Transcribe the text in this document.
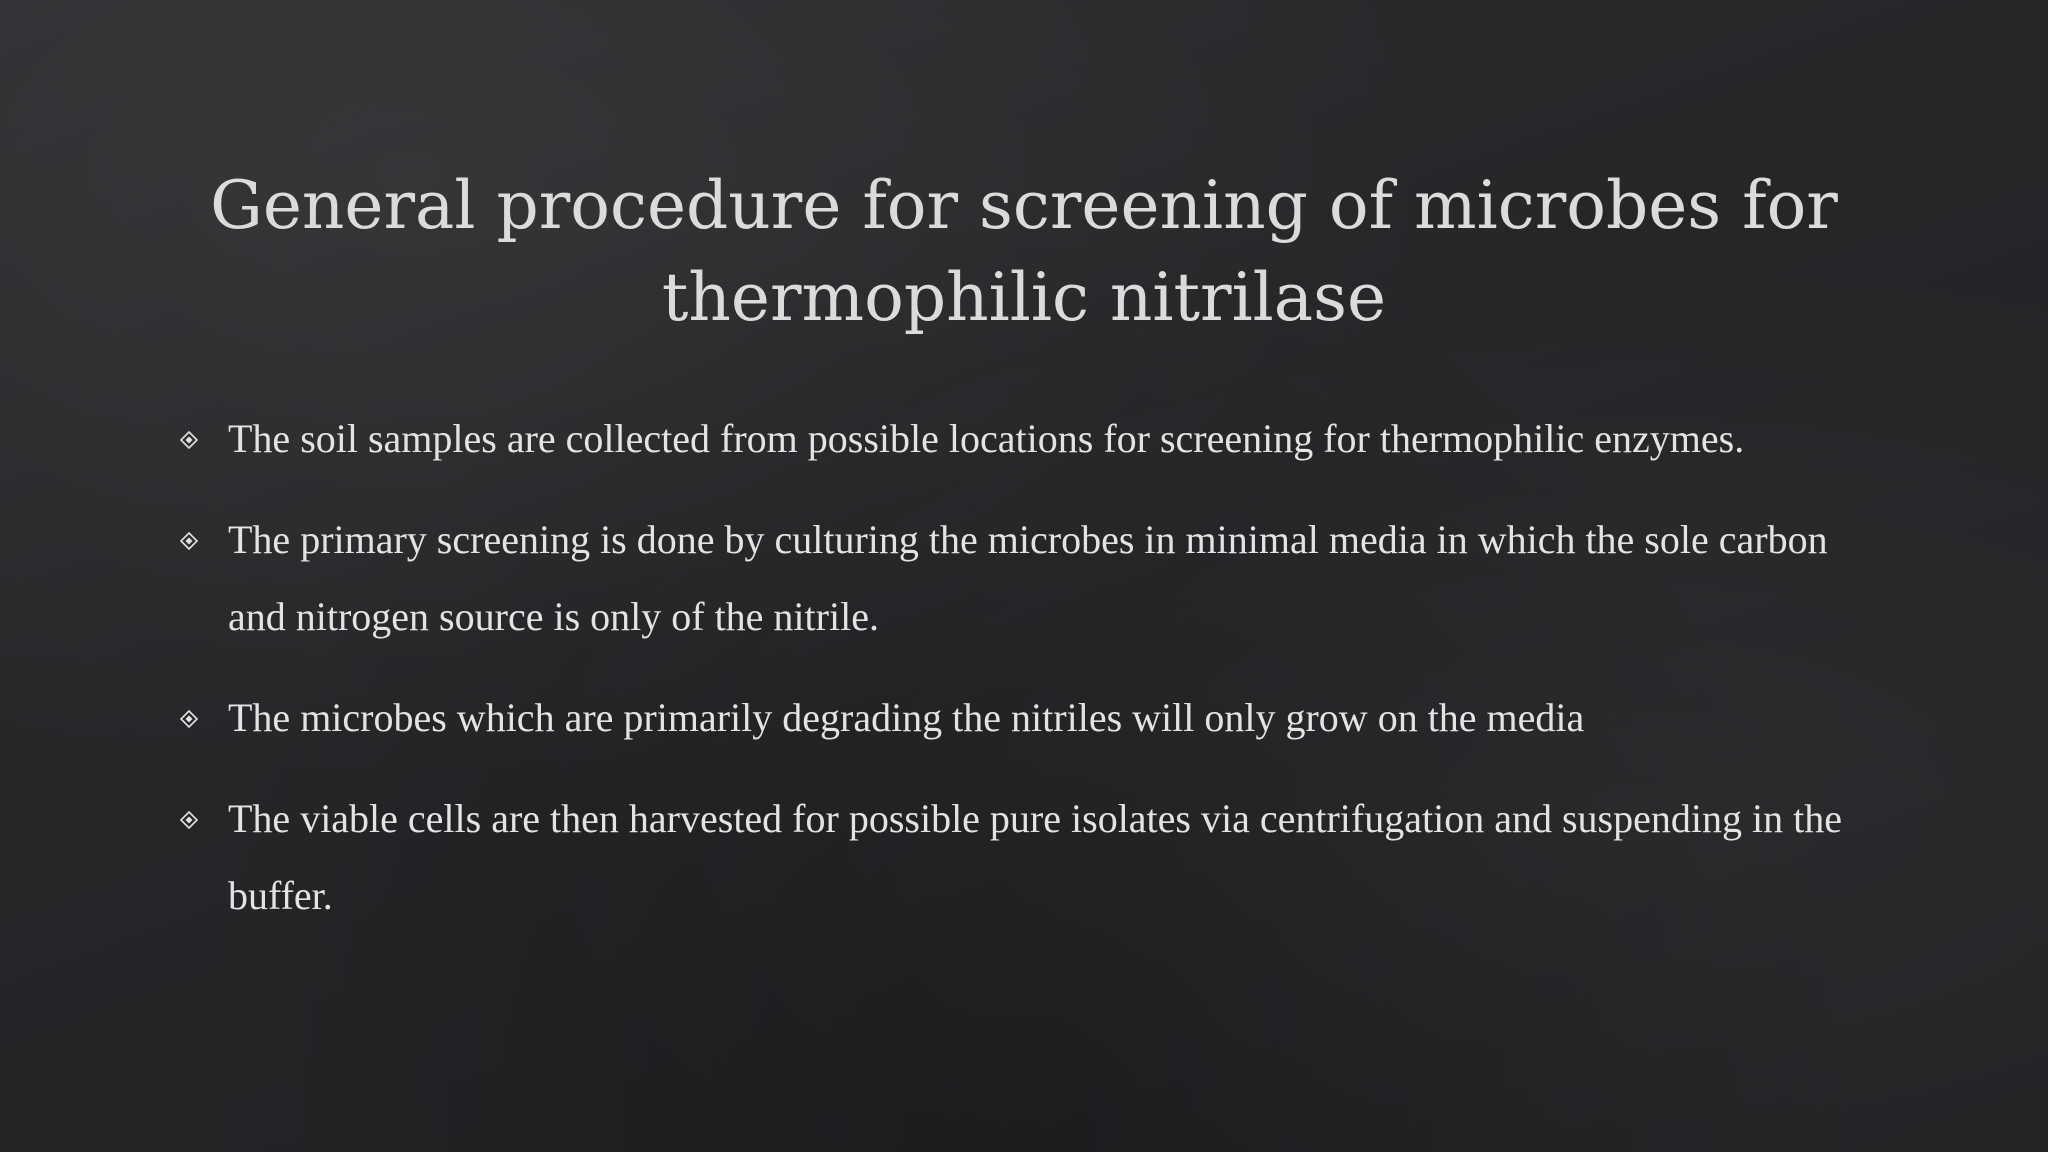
General procedure for screening of microbes for thermophilic nitrilase
The soil samples are collected from possible locations for screening for thermophilic enzymes.
The primary screening is done by culturing the microbes in minimal media in which the sole carbon and nitrogen source is only of the nitrile.
The microbes which are primarily degrading the nitriles will only grow on the media
The viable cells are then harvested for possible pure isolates via centrifugation and suspending in the buffer.
